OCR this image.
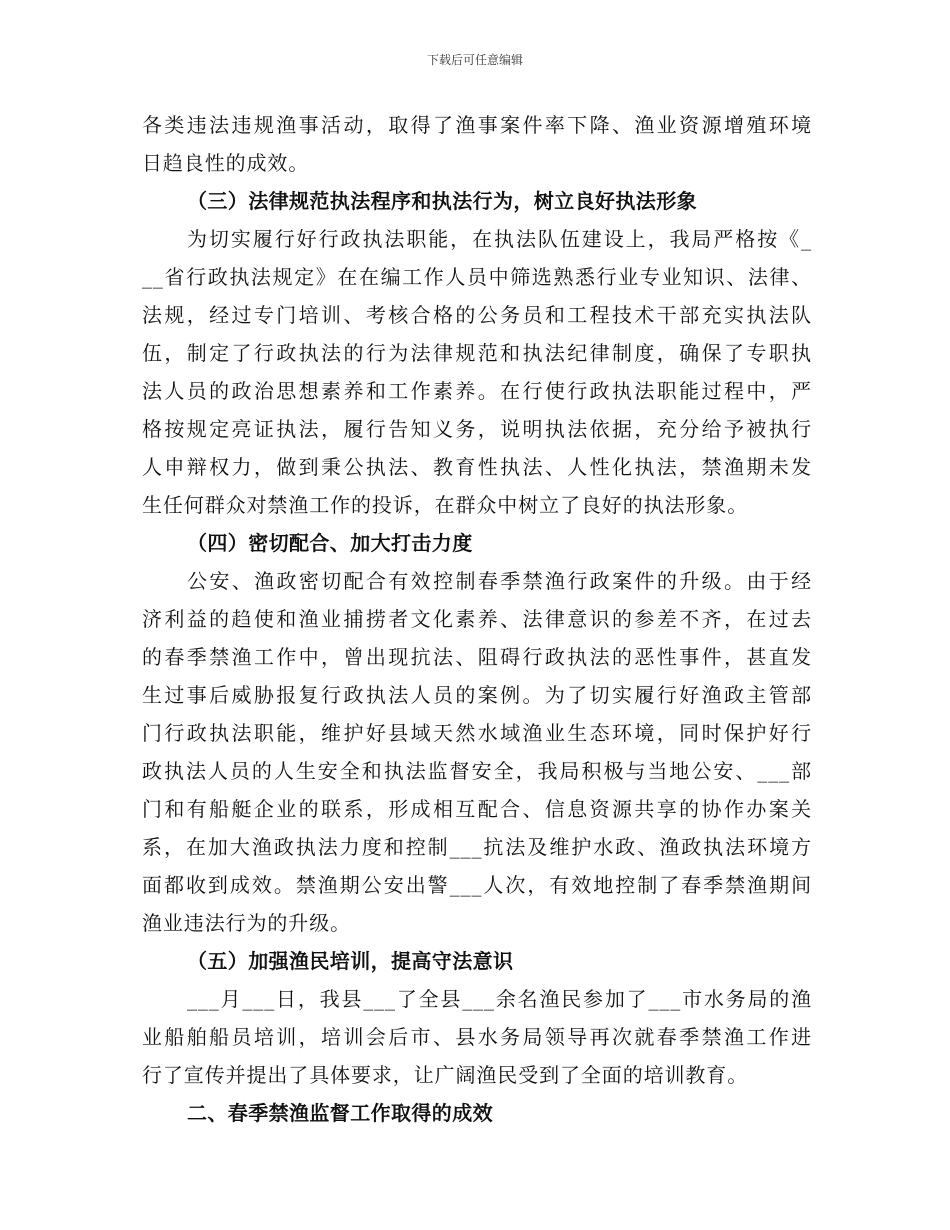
下载后可任意编辑
各类违法违规渔事活动，取得了渔事案件率下降、渔业资源增殖环境
日趋良性的成效。
（三）法律规范执法程序和执法行为，树立良好执法形象
为切实履行好行政执法职能，在执法队伍建设上，我局严格按《_
__省行政执法规定》在在编工作人员中筛选熟悉行业专业知识、法律、
法规，经过专门培训、考核合格的公务员和工程技术干部充实执法队
伍，制定了行政执法的行为法律规范和执法纪律制度，确保了专职执
法人员的政治思想素养和工作素养。在行使行政执法职能过程中，严
格按规定亮证执法，履行告知义务，说明执法依据，充分给予被执行
人申辩权力，做到秉公执法、教育性执法、人性化执法，禁渔期未发
生任何群众对禁渔工作的投诉，在群众中树立了良好的执法形象。
（四）密切配合、加大打击力度
公安、渔政密切配合有效控制春季禁渔行政案件的升级。由于经
济利益的趋使和渔业捕捞者文化素养、法律意识的参差不齐，在过去
的春季禁渔工作中，曾出现抗法、阻碍行政执法的恶性事件，甚直发
生过事后威胁报复行政执法人员的案例。为了切实履行好渔政主管部
门行政执法职能，维护好县域天然水域渔业生态环境，同时保护好行
政执法人员的人生安全和执法监督安全，我局积极与当地公安、___部
门和有船艇企业的联系，形成相互配合、信息资源共享的协作办案关
系，在加大渔政执法力度和控制___抗法及维护水政、渔政执法环境方
面都收到成效。禁渔期公安出警___人次，有效地控制了春季禁渔期间
渔业违法行为的升级。
（五）加强渔民培训，提高守法意识
___月___日，我县___了全县___余名渔民参加了___市水务局的渔
业船舶船员培训，培训会后市、县水务局领导再次就春季禁渔工作进
行了宣传并提出了具体要求，让广阔渔民受到了全面的培训教育。
二、春季禁渔监督工作取得的成效
